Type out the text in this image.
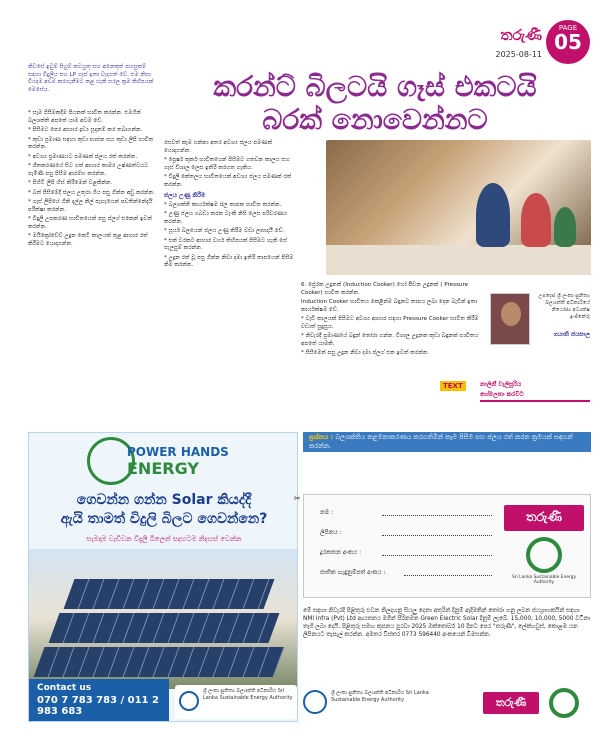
තරුණී	PAGE
05
2025-08-11
කරන්ට් බිලටයි ගෑස් එකටයි
බරක් නොවෙන්නට
නිවසේ ඉවුම් පිහුම් කටයුතු සහ අනෙකුත් පහසුකම් සඳහා විදුලිය සහ LP ගෑස් ඉතා වැදගත් වේ. එම නිසා වියදම අවම කරගැනීමට කළ හැකි සරල ක්‍රම කිහිපයක් මෙසේය.

* සෑම පිසීමකදීම පියනක් භාවිත කරන්න. එමගින් බලශක්ති අපතේ යාම අවම වේ.

* පිසීමට පෙර ආහාර ද්‍රව්‍ය සූදානම් කර තබාගන්න.

* කුඩා ප්‍රමාණ සඳහා කුඩා භාජන සහ කුඩා ලිපි භාවිත කරන්න.

* අවශ්‍ය ප්‍රමාණයට පමණක් ජලය රත් කරන්න.

* ශීතකරණයේ සිට ගත් ආහාර කාමර උෂ්ණත්වයට පැමිණි පසු පිසීම ආරම්භ කරන්න.

* පිහිටි ලිපි හිස් කිරීමෙන් වළකින්න.

* බත් පිසීමේදී ජලය උතුරා ගිය පසු ගින්න අඩු කරන්න.

* ගෑස් ලිපියේ ගිනි දැල්ල නිල් පැහැයෙන් පවතින්නේදැයි පරීක්ෂා කරන්න.

* විදුලි උපකරණ භාවිතයෙන් පසු ප්ලග් එකෙන් ඉවත් කරන්න.

* මයික්‍රෝවේව් උදුන කෙටි කාලයක් තුළ ආහාර රත් කිරීමට යොදාගන්න.

රසවත් කෑම ගන්නා අතර අවශ්‍ය ජලය පමණක් යොදාගන්න.

* ප්‍රෙෂර් කුකර් භාවිතයෙන් පිසීමට ගතවන කාලය සහ ගෑස් විශාල ලෙස ඉතිරි කරගත හැකිය.

* විදුලි කේතලය භාවිතයෙන් අවශ්‍ය ජලය පමණක් රත් කරන්න.

ජලය උණු කිරීම

* බලශක්ති කාර්යක්ෂම ජල තාපක භාවිත කරන්න.

* උණු ජලය ගබඩා කරන ටැංකි නිසි ලෙස පරිවරණය කරන්න.

* සූර්ය බලයෙන් ජලය උණු කිරීම වඩා ලාභදායී වේ.

* එක් වරකට ආහාර වර්ග කිහිපයක් පිසීමට හැකි සේ සැලසුම් කරන්න.

* උදුන රත් වූ පසු ගින්න නිවා දමා ඉතිරි තාපයෙන් පිසීම නිම කරන්න.

6. ප්‍රේරක උදුනක් (Induction Cooker) හෝ පීඩන උදුනක් ( Pressure Cooker) භාවිත කරන්න.

Induction Cooker භාවිතය කෙළින්ම බඳුනට තාපය ලබා දෙන බැවින් ඉතා කාර්යක්ෂම වේ.

* වැඩි කාලයක් පිසීමට අවශ්‍ය ආහාර සඳහා Pressure Cooker භාවිත කිරීම වඩාත් සුදුසුය.

* නිවැරදි ප්‍රමාණයේ බඳුන් තෝරා ගන්න. විශාල උදුනක කුඩා බඳුනක් භාවිතය අපතේ යාමකි.

* පිසීමෙන් පසු උදුන නිවා දමා ප්ලග් එක ඉවත් කරන්න.

උපදෙස් ශ්‍රී ලංකා සුනිත්‍ය බලශක්ති අධිකාරියේ නියෝජ්‍ය අධ්‍යක්ෂ ඉංජිනේරු
ගයානි ජයපාල
TEXT	නාලිනී වැලිසූරිය
හේමලතා කරවිට
POWER HANDS
ENERGY
ගෙවන්න ගන්න Solar කියද්දී
ඇයි තාමත් විදුලි බිලට ගෙවන්නෙ?
සැමදාම වැඩිවන විදුලි බිලෙන් සදහටම නිදහස් වෙන්න
Contact us
070 7 783 783 / 011 2 983 683
ශ්‍රී ලංකා සුනිත්‍ය බලශක්ති අධිකාරිය Sri Lanka Sustainable Energy Authority
ප්‍රශ්නය : බලශක්තිය කළමනාකරණය කරගනිමින් කෑම පිසීම සහ ජලය රත් කරන ක්‍රමයක් සඳහන් කරන්න.
✂
නම :
ලිපිනය :
දුරකතන අංකය :
ජාතික හැඳුනුම්පත් අංකය :
තරුණී
Sri Lanka Sustainable Energy Authority
මේ සඳහා නිවැරදි පිළිතුරු එවන නිලදාහනු සියලු දෙනා අතුරින් දිනුම් ඇදීමකින් තෝරා ගනු ලබන ජයග්‍රාහකයින් සඳහා NMI Infra (Pvt) Ltd ආයතනය මගින් පිරිනමන Green Electric Solar දිනුම් ලැබේ. 15,000, 10,000, 5000 වටිනා තෑගි ලබා දෙයි. පිළිතුරු සමඟ කූපනය පුරවා 2025 ඔක්තෝබර් 10 දිනට පෙර "තරුණී", ලේක්හවුස්, කොළඹ යන ලිපිනයට තැපැල් කරන්න. අමතර විස්තර 0773 596440 අංකයෙන් විමසන්න.
ශ්‍රී ලංකා සුනිත්‍ය බලශක්ති අධිකාරිය Sri Lanka Sustainable Energy Authority	තරුණී
